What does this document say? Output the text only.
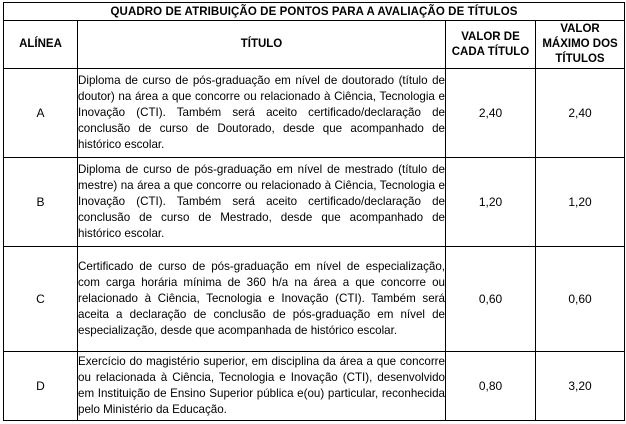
QUADRO DE ATRIBUIÇÃO DE PONTOS PARA A AVALIAÇÃO DE TÍTULOS			
ALÍNEA	TÍTULO	VALOR DE CADA TÍTULO	VALOR MÁXIMO DOS TÍTULOS
A	Diploma de curso de pós-graduação em nível de doutorado (título de doutor) na área a que concorre ou relacionado à Ciência, Tecnologia e Inovação (CTI). Também será aceito certificado/declaração de conclusão de curso de Doutorado, desde que acompanhado de histórico escolar.	2,40	2,40
B	Diploma de curso de pós-graduação em nível de mestrado (título de mestre) na área a que concorre ou relacionado à Ciência, Tecnologia e Inovação (CTI). Também será aceito certificado/declaração de conclusão de curso de Mestrado, desde que acompanhado de histórico escolar.	1,20	1,20
C	Certificado de curso de pós-graduação em nível de especialização, com carga horária mínima de 360 h/a na área a que concorre ou relacionado à Ciência, Tecnologia e Inovação (CTI). Também será aceita a declaração de conclusão de pós-graduação em nível de especialização, desde que acompanhada de histórico escolar.	0,60	0,60
D	Exercício do magistério superior, em disciplina da área a que concorre ou relacionada à Ciência, Tecnologia e Inovação (CTI), desenvolvido em Instituição de Ensino Superior pública e(ou) particular, reconhecida pelo Ministério da Educação.	0,80	3,20
